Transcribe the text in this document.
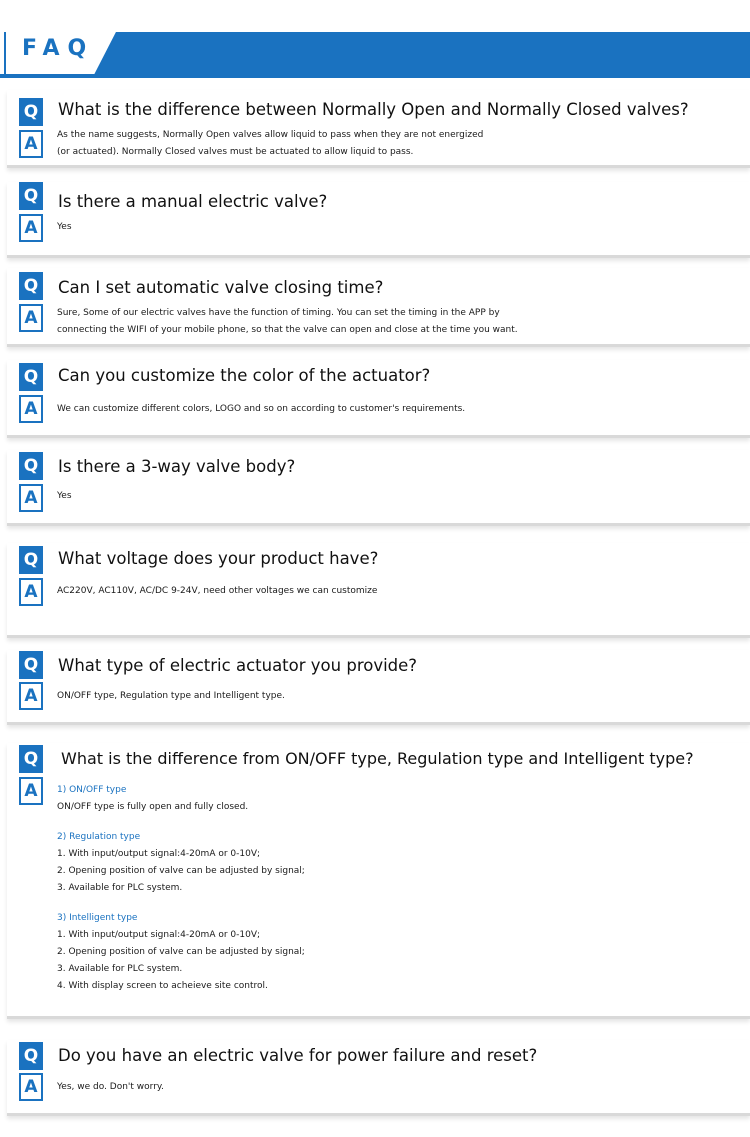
FAQ
Q
A
What is the difference between Normally Open and Normally Closed valves?
As the name suggests, Normally Open valves allow liquid to pass when they are not energized
(or actuated). Normally Closed valves must be actuated to allow liquid to pass.
Q
A
Is there a manual electric valve?
Yes
Q
A
Can I set automatic valve closing time?
Sure, Some of our electric valves have the function of timing. You can set the timing in the APP by
connecting the WIFI of your mobile phone, so that the valve can open and close at the time you want.
Q
A
Can you customize the color of the actuator?
We can customize different colors, LOGO and so on according to customer's requirements.
Q
A
Is there a 3-way valve body?
Yes
Q
A
What voltage does your product have?
AC220V, AC110V, AC/DC 9-24V, need other voltages we can customize
Q
A
What type of electric actuator you provide?
ON/OFF type, Regulation type and Intelligent type.
Q
A
What is the difference from ON/OFF type, Regulation type and Intelligent type?
1) ON/OFF type
ON/OFF type is fully open and fully closed.
2) Regulation type
1. With input/output signal:4-20mA or 0-10V;
2. Opening position of valve can be adjusted by signal;
3. Available for PLC system.
3) Intelligent type
1. With input/output signal:4-20mA or 0-10V;
2. Opening position of valve can be adjusted by signal;
3. Available for PLC system.
4. With display screen to acheieve site control.
Q
A
Do you have an electric valve for power failure and reset?
Yes, we do. Don't worry.
